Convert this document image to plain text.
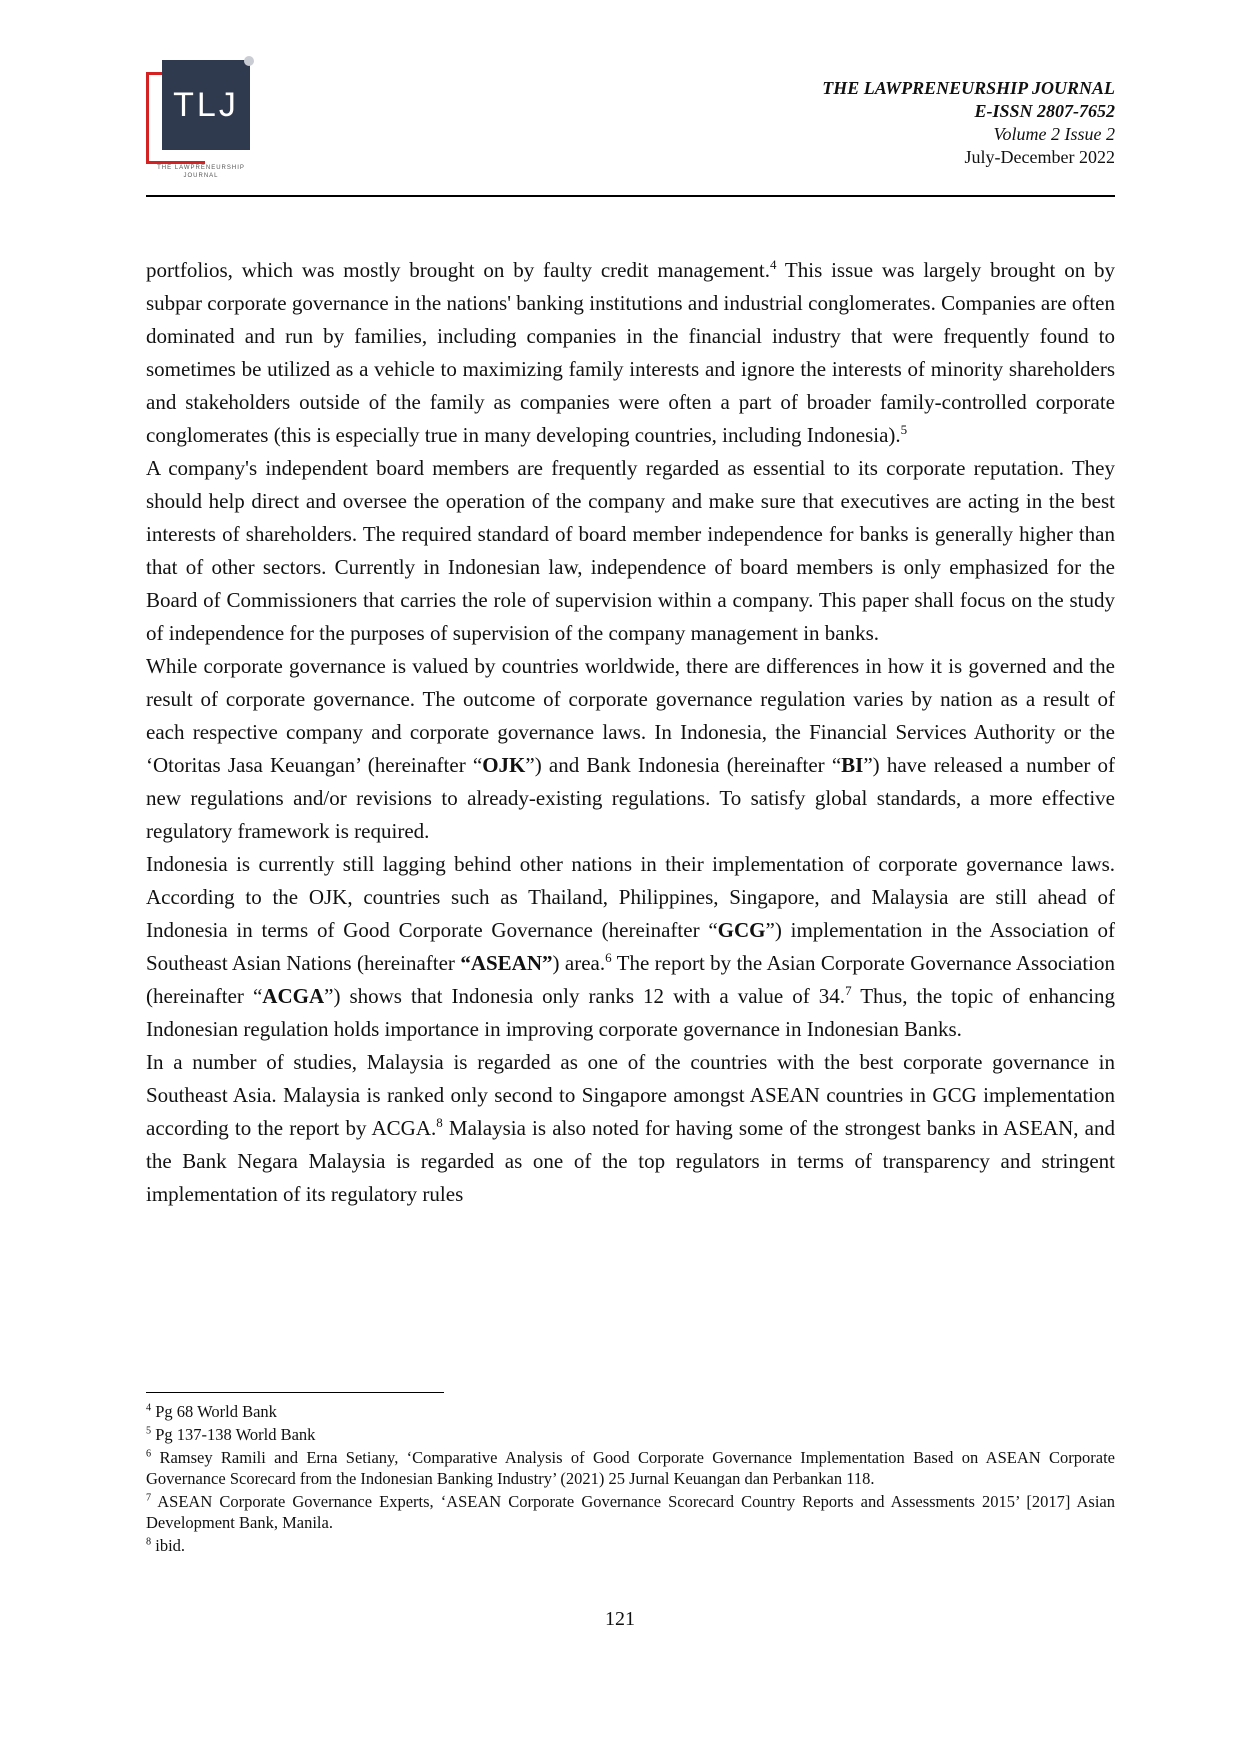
TLJ
THE LAWPRENEURSHIP JOURNAL
THE LAWPRENEURSHIP JOURNAL
E-ISSN 2807-7652
Volume 2 Issue 2
July-December 2022

portfolios, which was mostly brought on by faulty credit management.$^4$ This issue was largely brought on by subpar corporate governance in the nations' banking institutions and industrial conglomerates. Companies are often dominated and run by families, including companies in the financial industry that were frequently found to sometimes be utilized as a vehicle to maximizing family interests and ignore the interests of minority shareholders and stakeholders outside of the family as companies were often a part of broader family-controlled corporate conglomerates (this is especially true in many developing countries, including Indonesia).$^5$

A company's independent board members are frequently regarded as essential to its corporate reputation. They should help direct and oversee the operation of the company and make sure that executives are acting in the best interests of shareholders. The required standard of board member independence for banks is generally higher than that of other sectors. Currently in Indonesian law, independence of board members is only emphasized for the Board of Commissioners that carries the role of supervision within a company. This paper shall focus on the study of independence for the purposes of supervision of the company management in banks.

While corporate governance is valued by countries worldwide, there are differences in how it is governed and the result of corporate governance. The outcome of corporate governance regulation varies by nation as a result of each respective company and corporate governance laws. In Indonesia, the Financial Services Authority or the ‘Otoritas Jasa Keuangan’ (hereinafter “OJK”) and Bank Indonesia (hereinafter “BI”) have released a number of new regulations and/or revisions to already-existing regulations. To satisfy global standards, a more effective regulatory framework is required.

Indonesia is currently still lagging behind other nations in their implementation of corporate governance laws. According to the OJK, countries such as Thailand, Philippines, Singapore, and Malaysia are still ahead of Indonesia in terms of Good Corporate Governance (hereinafter “GCG”) implementation in the Association of Southeast Asian Nations (hereinafter “ASEAN”) area.$^6$ The report by the Asian Corporate Governance Association (hereinafter “ACGA”) shows that Indonesia only ranks 12 with a value of 34.$^7$ Thus, the topic of enhancing Indonesian regulation holds importance in improving corporate governance in Indonesian Banks.

In a number of studies, Malaysia is regarded as one of the countries with the best corporate governance in Southeast Asia. Malaysia is ranked only second to Singapore amongst ASEAN countries in GCG implementation according to the report by ACGA.$^8$ Malaysia is also noted for having some of the strongest banks in ASEAN, and the Bank Negara Malaysia is regarded as one of the top regulators in terms of transparency and stringent implementation of its regulatory rules

$^4$ Pg 68 World Bank

$^5$ Pg 137-138 World Bank

$^6$ Ramsey Ramili and Erna Setiany, ‘Comparative Analysis of Good Corporate Governance Implementation Based on ASEAN Corporate Governance Scorecard from the Indonesian Banking Industry’ (2021) 25 Jurnal Keuangan dan Perbankan 118.

$^7$ ASEAN Corporate Governance Experts, ‘ASEAN Corporate Governance Scorecard Country Reports and Assessments 2015’ [2017] Asian Development Bank, Manila.

$^8$ ibid.

121
